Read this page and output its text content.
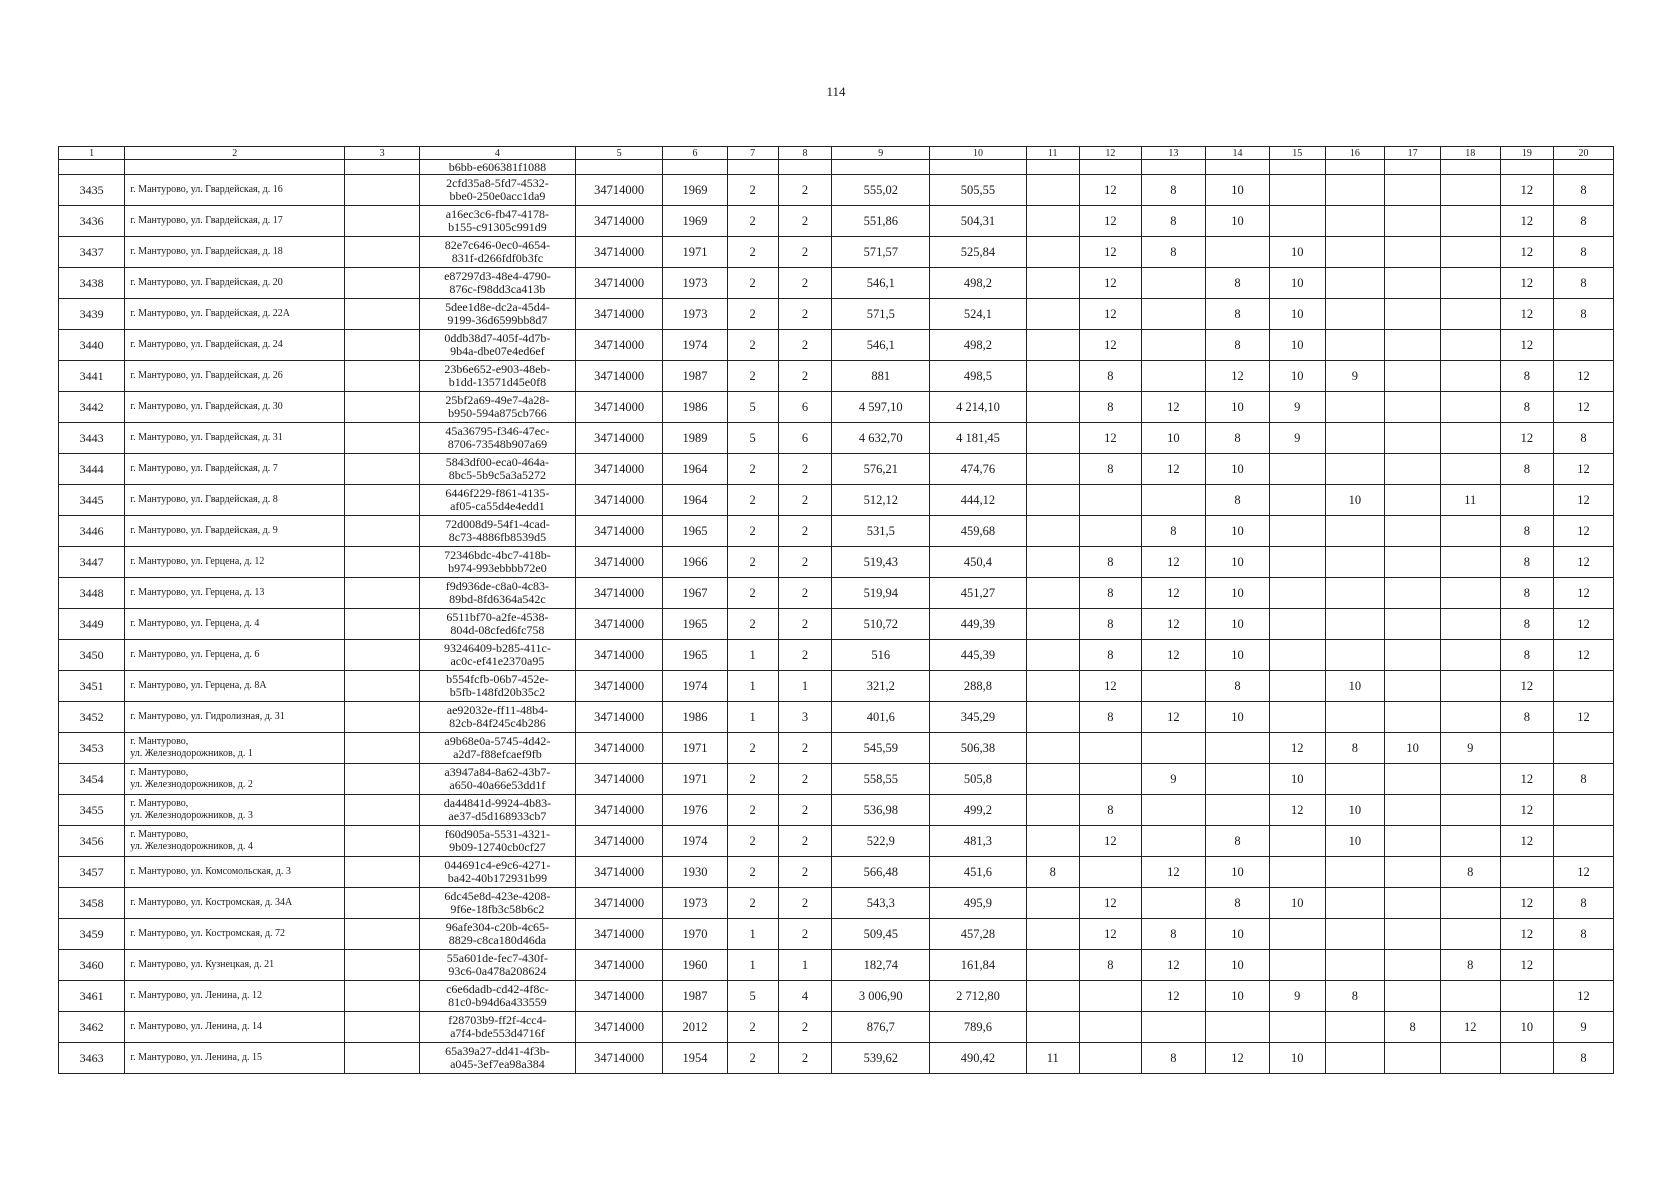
114
1	2	3	4	5	6	7	8	9	10	11	12	13	14	15	16	17	18	19	20
			b6bb-e606381f1088																
3435	г. Мантурово, ул. Гвардейская, д. 16		2cfd35a8-5fd7-4532-
bbe0-250e0acc1da9	34714000	1969	2	2	555,02	505,55		12	8	10					12	8
3436	г. Мантурово, ул. Гвардейская, д. 17		a16ec3c6-fb47-4178-
b155-c91305c991d9	34714000	1969	2	2	551,86	504,31		12	8	10					12	8
3437	г. Мантурово, ул. Гвардейская, д. 18		82e7c646-0ec0-4654-
831f-d266fdf0b3fc	34714000	1971	2	2	571,57	525,84		12	8		10				12	8
3438	г. Мантурово, ул. Гвардейская, д. 20		e87297d3-48e4-4790-
876c-f98dd3ca413b	34714000	1973	2	2	546,1	498,2		12		8	10				12	8
3439	г. Мантурово, ул. Гвардейская, д. 22А		5dee1d8e-dc2a-45d4-
9199-36d6599bb8d7	34714000	1973	2	2	571,5	524,1		12		8	10				12	8
3440	г. Мантурово, ул. Гвардейская, д. 24		0ddb38d7-405f-4d7b-
9b4a-dbe07e4ed6ef	34714000	1974	2	2	546,1	498,2		12		8	10				12	
3441	г. Мантурово, ул. Гвардейская, д. 26		23b6e652-e903-48eb-
b1dd-13571d45e0f8	34714000	1987	2	2	881	498,5		8		12	10	9			8	12
3442	г. Мантурово, ул. Гвардейская, д. 30		25bf2a69-49e7-4a28-
b950-594a875cb766	34714000	1986	5	6	4 597,10	4 214,10		8	12	10	9				8	12
3443	г. Мантурово, ул. Гвардейская, д. 31		45a36795-f346-47ec-
8706-73548b907a69	34714000	1989	5	6	4 632,70	4 181,45		12	10	8	9				12	8
3444	г. Мантурово, ул. Гвардейская, д. 7		5843df00-eca0-464a-
8bc5-5b9c5a3a5272	34714000	1964	2	2	576,21	474,76		8	12	10					8	12
3445	г. Мантурово, ул. Гвардейская, д. 8		6446f229-f861-4135-
af05-ca55d4e4edd1	34714000	1964	2	2	512,12	444,12				8		10		11		12
3446	г. Мантурово, ул. Гвардейская, д. 9		72d008d9-54f1-4cad-
8c73-4886fb8539d5	34714000	1965	2	2	531,5	459,68			8	10					8	12
3447	г. Мантурово, ул. Герцена, д. 12		72346bdc-4bc7-418b-
b974-993ebbbb72e0	34714000	1966	2	2	519,43	450,4		8	12	10					8	12
3448	г. Мантурово, ул. Герцена, д. 13		f9d936de-c8a0-4c83-
89bd-8fd6364a542c	34714000	1967	2	2	519,94	451,27		8	12	10					8	12
3449	г. Мантурово, ул. Герцена, д. 4		6511bf70-a2fe-4538-
804d-08cfed6fc758	34714000	1965	2	2	510,72	449,39		8	12	10					8	12
3450	г. Мантурово, ул. Герцена, д. 6		93246409-b285-411c-
ac0c-ef41e2370a95	34714000	1965	1	2	516	445,39		8	12	10					8	12
3451	г. Мантурово, ул. Герцена, д. 8А		b554fcfb-06b7-452e-
b5fb-148fd20b35c2	34714000	1974	1	1	321,2	288,8		12		8		10			12	
3452	г. Мантурово, ул. Гидролизная, д. 31		ae92032e-ff11-48b4-
82cb-84f245c4b286	34714000	1986	1	3	401,6	345,29		8	12	10					8	12
3453	г. Мантурово,
ул. Железнодорожников, д. 1		a9b68e0a-5745-4d42-
a2d7-f88efcaef9fb	34714000	1971	2	2	545,59	506,38					12	8	10	9		
3454	г. Мантурово,
ул. Железнодорожников, д. 2		a3947a84-8a62-43b7-
a650-40a66e53dd1f	34714000	1971	2	2	558,55	505,8			9		10				12	8
3455	г. Мантурово,
ул. Железнодорожников, д. 3		da44841d-9924-4b83-
ae37-d5d168933cb7	34714000	1976	2	2	536,98	499,2		8			12	10			12	
3456	г. Мантурово,
ул. Железнодорожников, д. 4		f60d905a-5531-4321-
9b09-12740cb0cf27	34714000	1974	2	2	522,9	481,3		12		8		10			12	
3457	г. Мантурово, ул. Комсомольская, д. 3		044691c4-e9c6-4271-
ba42-40b172931b99	34714000	1930	2	2	566,48	451,6	8		12	10				8		12
3458	г. Мантурово, ул. Костромская, д. 34А		6dc45e8d-423e-4208-
9f6e-18fb3c58b6c2	34714000	1973	2	2	543,3	495,9		12		8	10				12	8
3459	г. Мантурово, ул. Костромская, д. 72		96afe304-c20b-4c65-
8829-c8ca180d46da	34714000	1970	1	2	509,45	457,28		12	8	10					12	8
3460	г. Мантурово, ул. Кузнецкая, д. 21		55a601de-fec7-430f-
93c6-0a478a208624	34714000	1960	1	1	182,74	161,84		8	12	10				8	12	
3461	г. Мантурово, ул. Ленина, д. 12		c6e6dadb-cd42-4f8c-
81c0-b94d6a433559	34714000	1987	5	4	3 006,90	2 712,80			12	10	9	8				12
3462	г. Мантурово, ул. Ленина, д. 14		f28703b9-ff2f-4cc4-
a7f4-bde553d4716f	34714000	2012	2	2	876,7	789,6							8	12	10	9
3463	г. Мантурово, ул. Ленина, д. 15		65a39a27-dd41-4f3b-
a045-3ef7ea98a384	34714000	1954	2	2	539,62	490,42	11		8	12	10					8
